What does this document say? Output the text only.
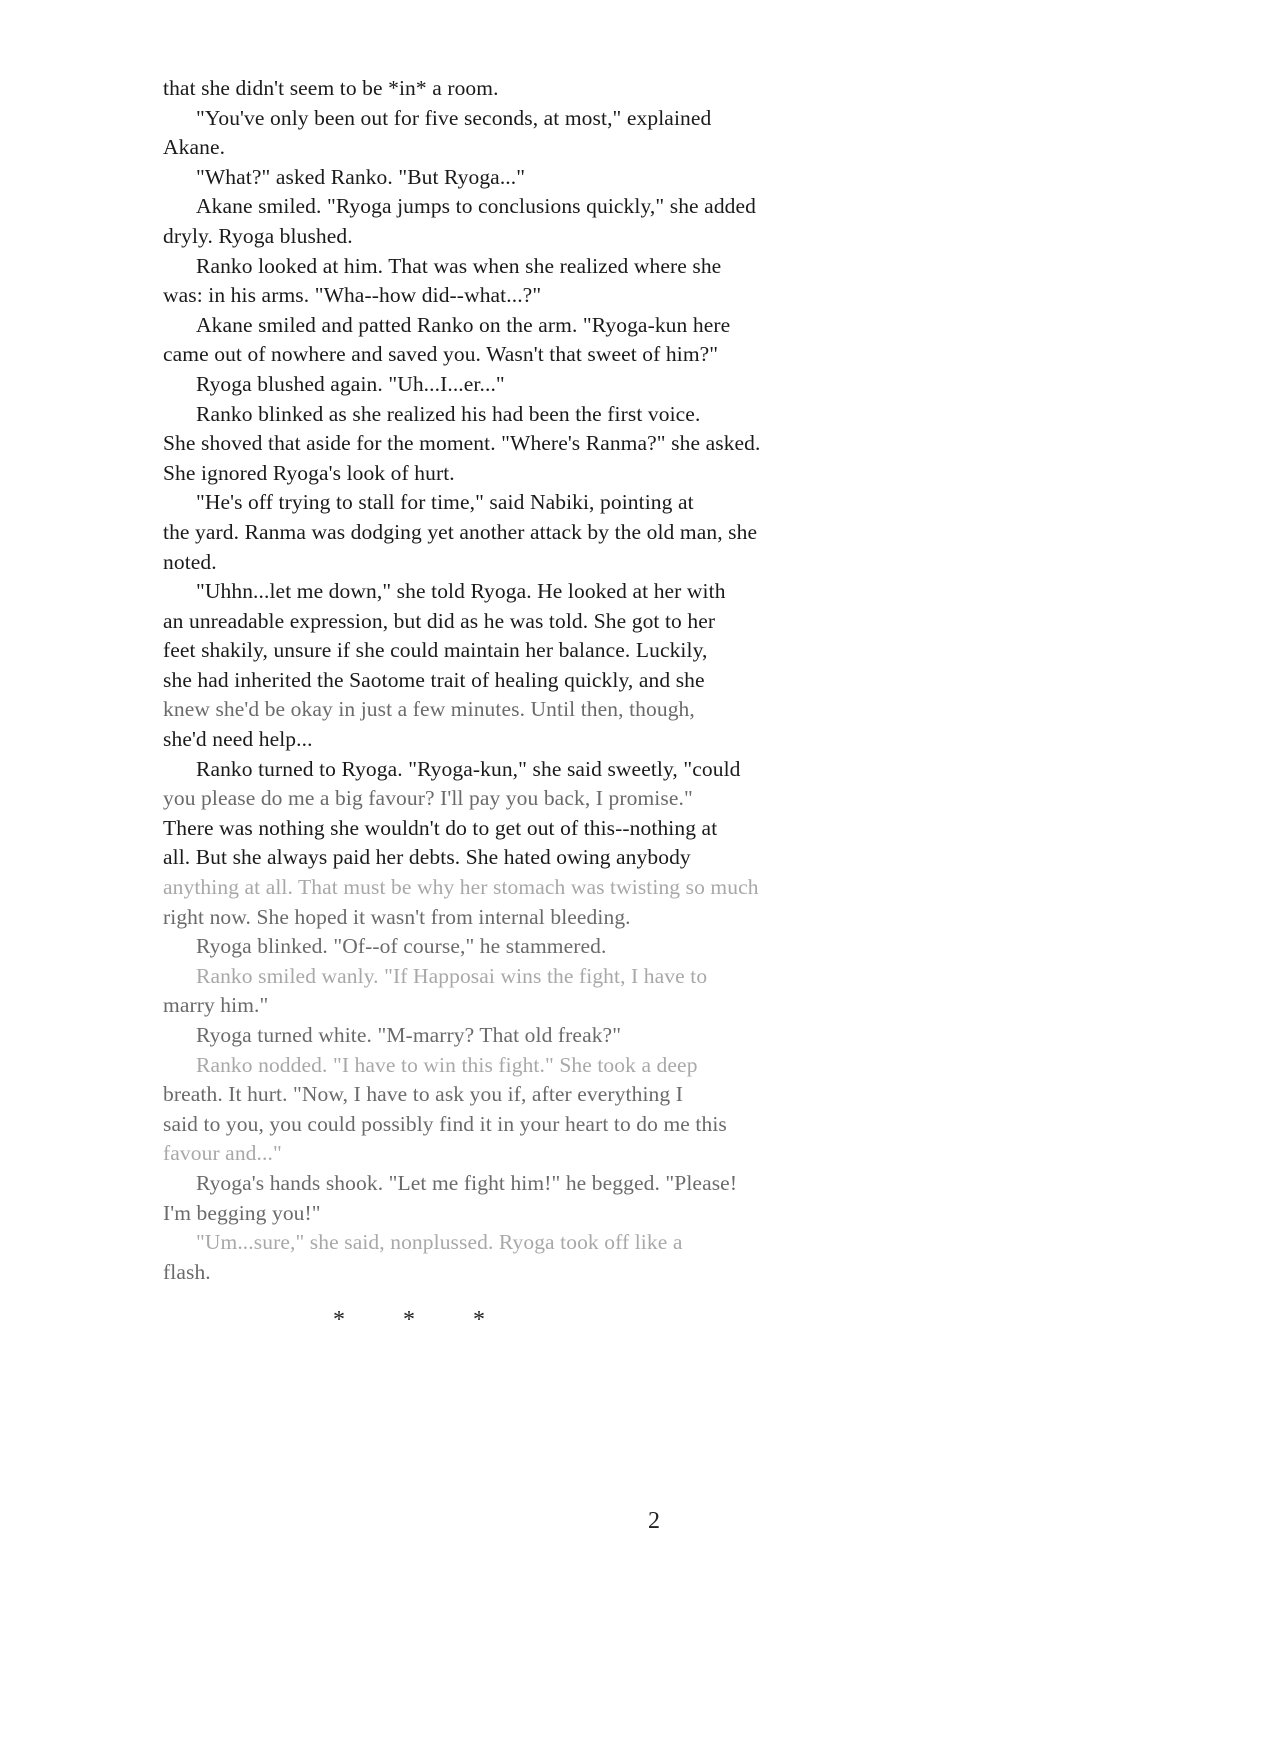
that she didn't seem to be *in* a room.
"You've only been out for five seconds, at most," explained
Akane.
"What?" asked Ranko. "But Ryoga..."
Akane smiled. "Ryoga jumps to conclusions quickly," she added
dryly. Ryoga blushed.
Ranko looked at him. That was when she realized where she
was: in his arms. "Wha--how did--what...?"
Akane smiled and patted Ranko on the arm. "Ryoga-kun here
came out of nowhere and saved you. Wasn't that sweet of him?"
Ryoga blushed again. "Uh...I...er..."
Ranko blinked as she realized his had been the first voice.
She shoved that aside for the moment. "Where's Ranma?" she asked.
She ignored Ryoga's look of hurt.
"He's off trying to stall for time," said Nabiki, pointing at
the yard. Ranma was dodging yet another attack by the old man, she
noted.
"Uhhn...let me down," she told Ryoga. He looked at her with
an unreadable expression, but did as he was told. She got to her
feet shakily, unsure if she could maintain her balance. Luckily,
she had inherited the Saotome trait of healing quickly, and she
knew she'd be okay in just a few minutes. Until then, though,
she'd need help...
Ranko turned to Ryoga. "Ryoga-kun," she said sweetly, "could
you please do me a big favour? I'll pay you back, I promise."
There was nothing she wouldn't do to get out of this--nothing at
all. But she always paid her debts. She hated owing anybody
anything at all. That must be why her stomach was twisting so much
right now. She hoped it wasn't from internal bleeding.
Ryoga blinked. "Of--of course," he stammered.
Ranko smiled wanly. "If Happosai wins the fight, I have to
marry him."
Ryoga turned white. "M-marry? That old freak?"
Ranko nodded. "I have to win this fight." She took a deep
breath. It hurt. "Now, I have to ask you if, after everything I
said to you, you could possibly find it in your heart to do me this
favour and..."
Ryoga's hands shook. "Let me fight him!" he begged. "Please!
I'm begging you!"
"Um...sure," she said, nonplussed. Ryoga took off like a
flash.
* * *
2
